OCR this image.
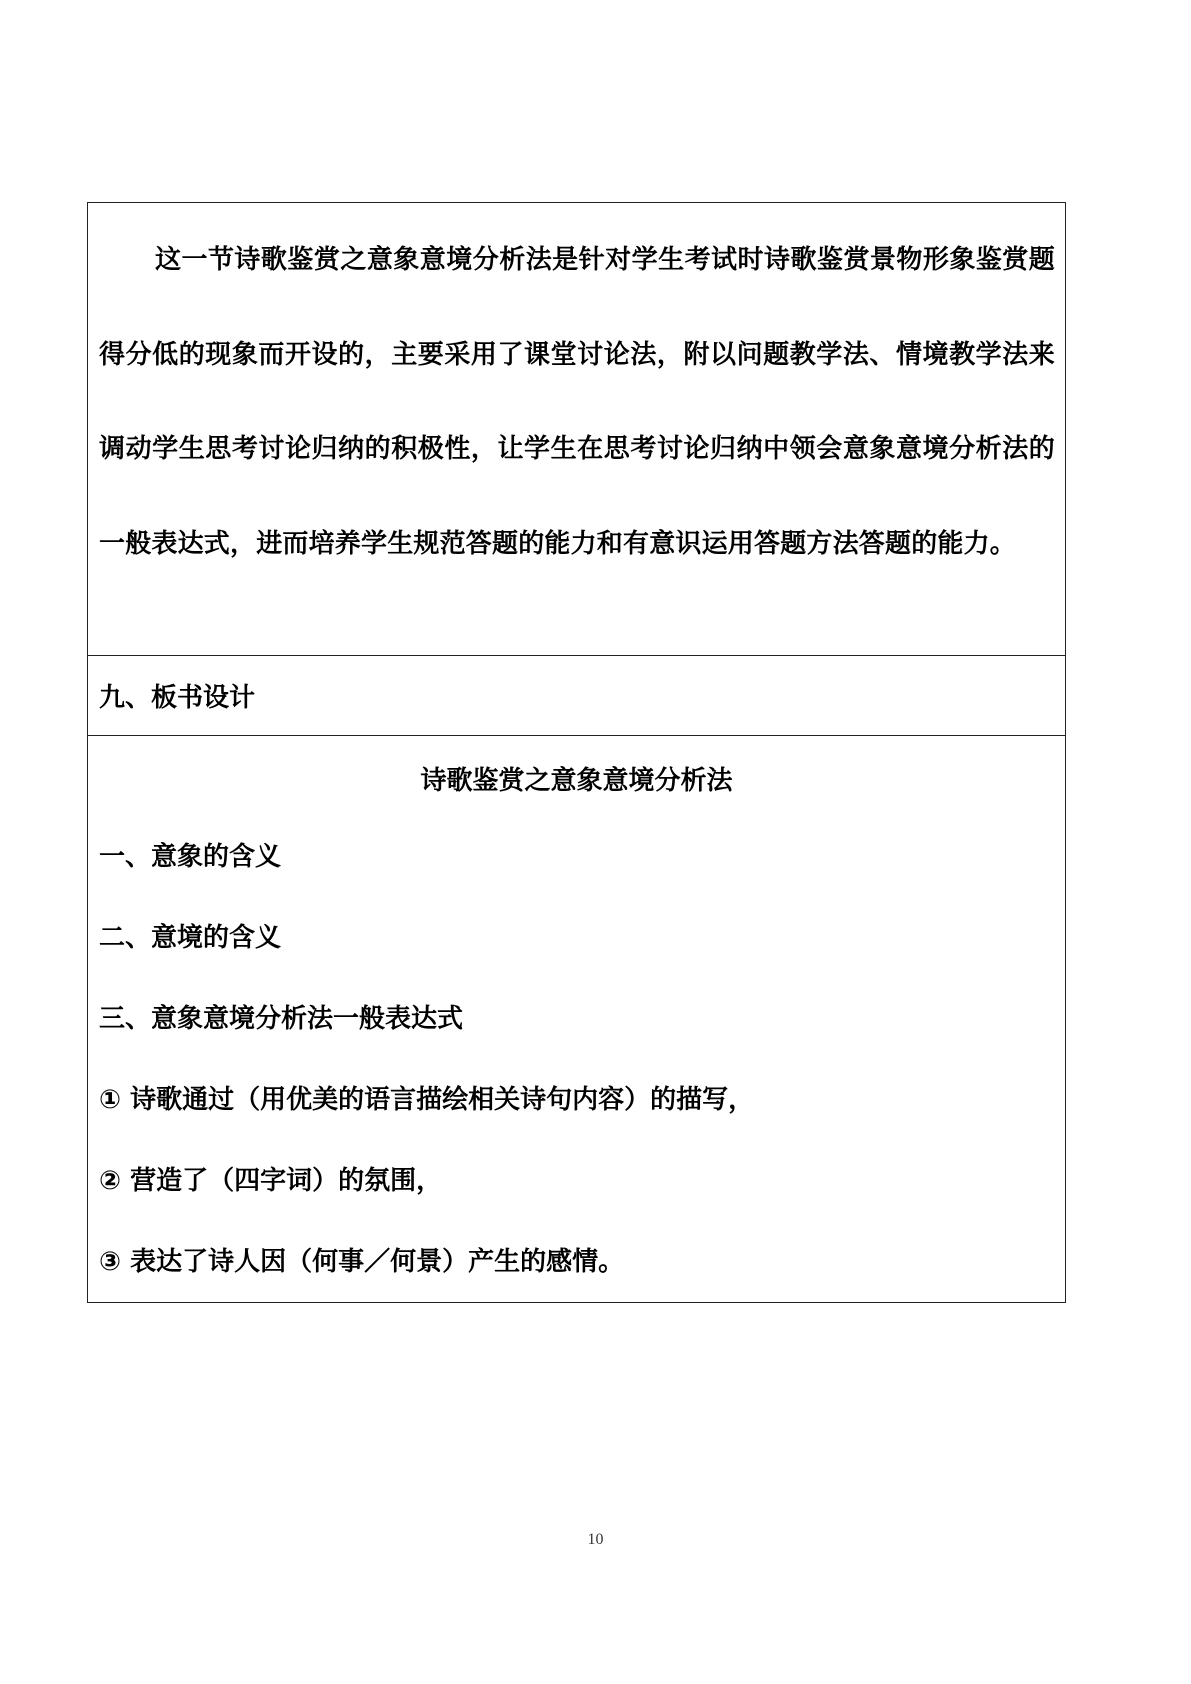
这一节诗歌鉴赏之意象意境分析法是针对学生考试时诗歌鉴赏景物形象鉴赏题得分低的现象而开设的，主要采用了课堂讨论法，附以问题教学法、情境教学法来调动学生思考讨论归纳的积极性，让学生在思考讨论归纳中领会意象意境分析法的一般表达式，进而培养学生规范答题的能力和有意识运用答题方法答题的能力。

九、板书设计
诗歌鉴赏之意象意境分析法
一、意象的含义
二、意境的含义
三、意象意境分析法一般表达式
① 诗歌通过（用优美的语言描绘相关诗句内容）的描写，
② 营造了（四字词）的氛围，
③ 表达了诗人因（何事／何景）产生的感情。
10
